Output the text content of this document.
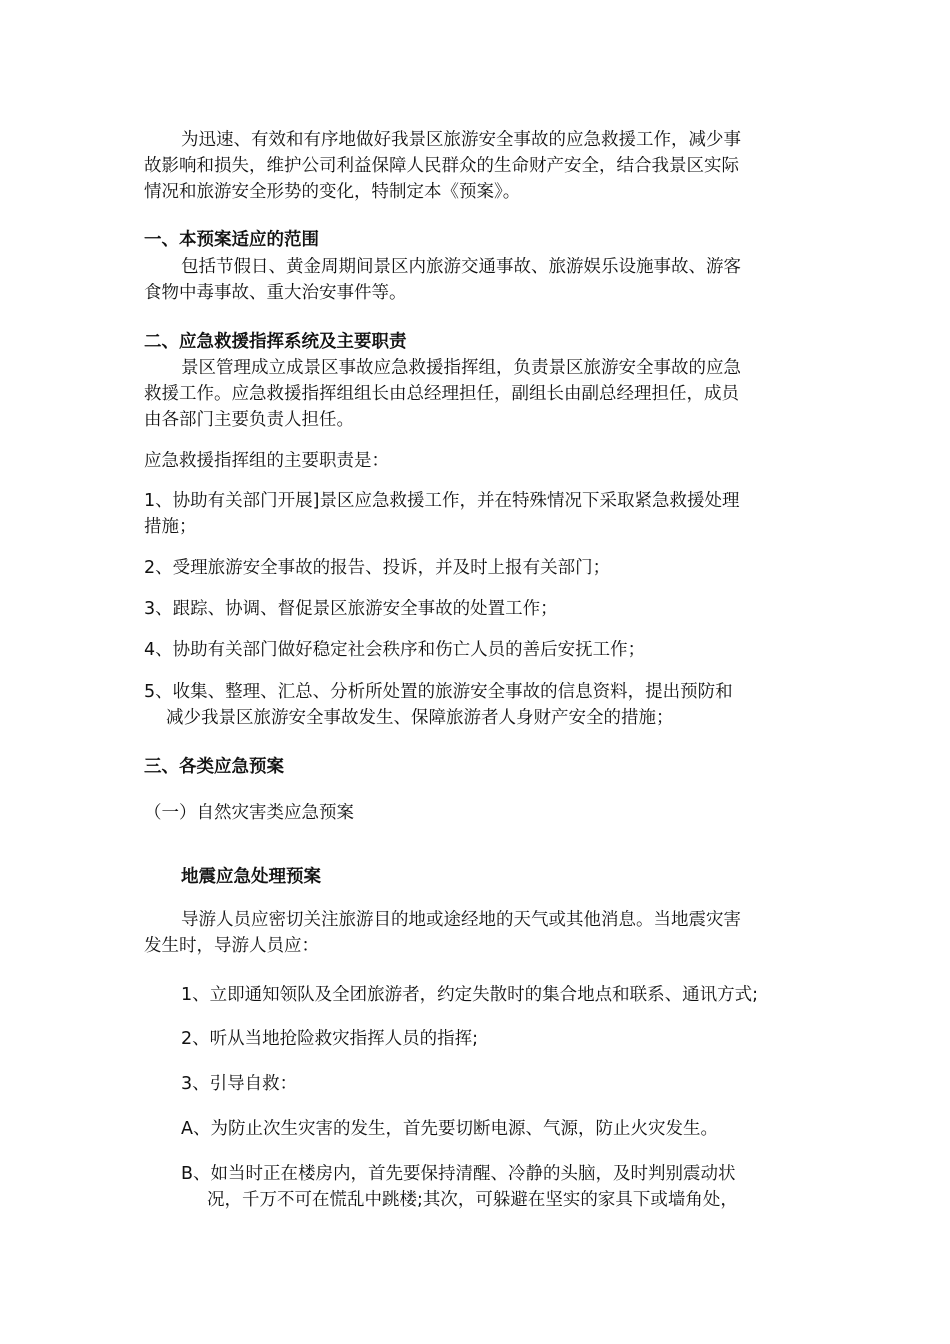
为迅速、有效和有序地做好我景区旅游安全事故的应急救援工作，减少事
故影响和损失，维护公司利益保障人民群众的生命财产安全，结合我景区实际
情况和旅游安全形势的变化，特制定本《预案》。
一、本预案适应的范围
包括节假日、黄金周期间景区内旅游交通事故、旅游娱乐设施事故、游客
食物中毒事故、重大治安事件等。
二、应急救援指挥系统及主要职责
景区管理成立成景区事故应急救援指挥组，负责景区旅游安全事故的应急
救援工作。应急救援指挥组组长由总经理担任，副组长由副总经理担任，成员
由各部门主要负责人担任。
应急救援指挥组的主要职责是：
1、协助有关部门开展]景区应急救援工作，并在特殊情况下采取紧急救援处理
措施；
2、受理旅游安全事故的报告、投诉，并及时上报有关部门；
3、跟踪、协调、督促景区旅游安全事故的处置工作；
4、协助有关部门做好稳定社会秩序和伤亡人员的善后安抚工作；
5、收集、整理、汇总、分析所处置的旅游安全事故的信息资料，提出预防和
减少我景区旅游安全事故发生、保障旅游者人身财产安全的措施；
三、各类应急预案
（一）自然灾害类应急预案
地震应急处理预案
导游人员应密切关注旅游目的地或途经地的天气或其他消息。当地震灾害
发生时，导游人员应：
1、立即通知领队及全团旅游者，约定失散时的集合地点和联系、通讯方式;
2、听从当地抢险救灾指挥人员的指挥;
3、引导自救：
A、为防止次生灾害的发生，首先要切断电源、气源，防止火灾发生。
B、如当时正在楼房内，首先要保持清醒、冷静的头脑，及时判别震动状
况，千万不可在慌乱中跳楼;其次，可躲避在坚实的家具下或墙角处，
